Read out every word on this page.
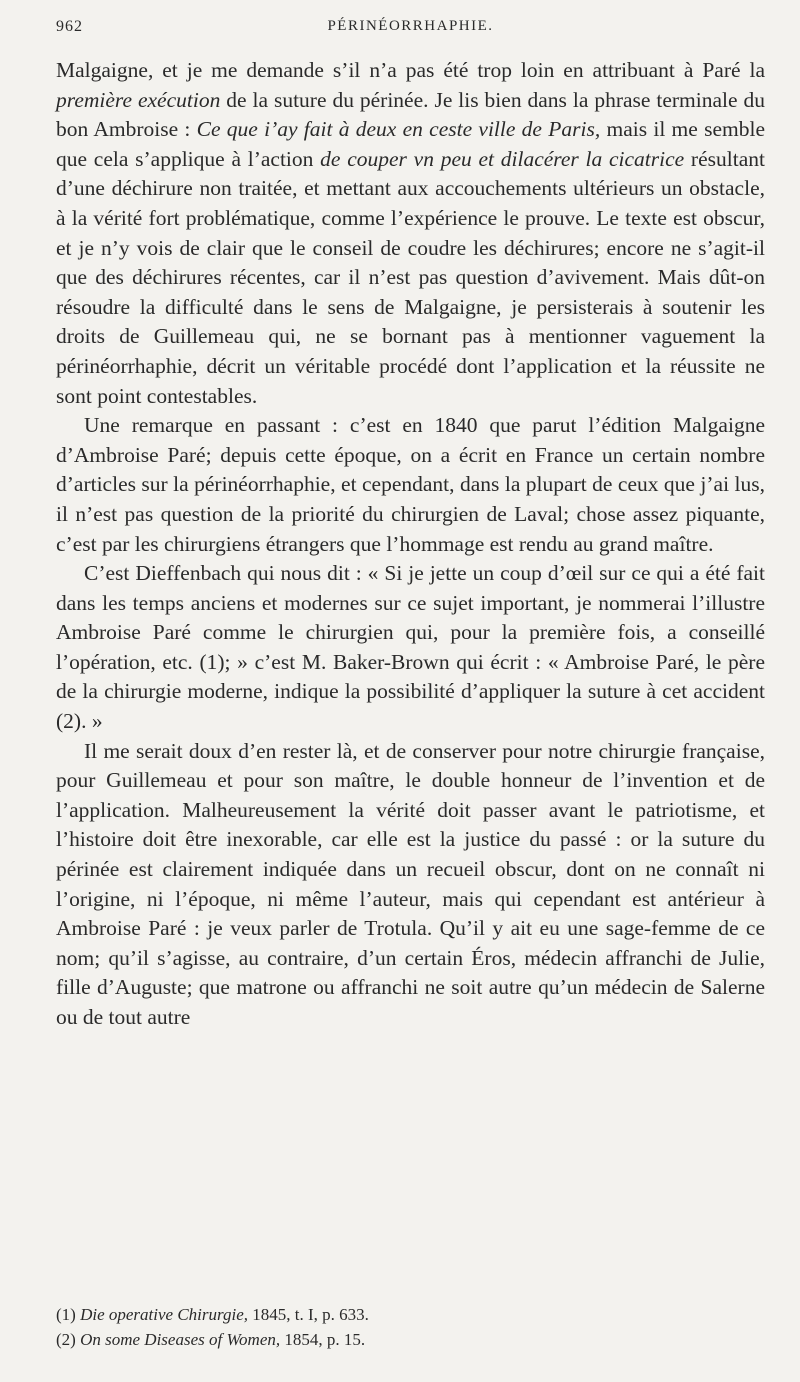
962	PÉRINÉORRHAPHIE.

Malgaigne, et je me demande s’il n’a pas été trop loin en attribuant à Paré la première exécution de la suture du périnée. Je lis bien dans la phrase terminale du bon Ambroise : Ce que i’ay fait à deux en ceste ville de Paris, mais il me semble que cela s’applique à l’action de couper vn peu et dilacérer la cicatrice résultant d’une déchirure non traitée, et mettant aux accouchements ultérieurs un obstacle, à la vérité fort problématique, comme l’expérience le prouve. Le texte est obscur, et je n’y vois de clair que le conseil de coudre les déchirures; encore ne s’agit-il que des déchirures récentes, car il n’est pas question d’avivement. Mais dût-on résoudre la difficulté dans le sens de Malgaigne, je persisterais à soutenir les droits de Guillemeau qui, ne se bornant pas à mentionner vaguement la périnéorrhaphie, décrit un véritable procédé dont l’application et la réussite ne sont point contestables.

Une remarque en passant : c’est en 1840 que parut l’édition Malgaigne d’Ambroise Paré; depuis cette époque, on a écrit en France un certain nombre d’articles sur la périnéorrhaphie, et cependant, dans la plupart de ceux que j’ai lus, il n’est pas question de la priorité du chirurgien de Laval; chose assez piquante, c’est par les chirurgiens étrangers que l’hommage est rendu au grand maître.

C’est Dieffenbach qui nous dit : « Si je jette un coup d’œil sur ce qui a été fait dans les temps anciens et modernes sur ce sujet important, je nommerai l’illustre Ambroise Paré comme le chirurgien qui, pour la première fois, a conseillé l’opération, etc. (1); » c’est M. Baker-Brown qui écrit : « Ambroise Paré, le père de la chirurgie moderne, indique la possibilité d’appliquer la suture à cet accident (2). »

Il me serait doux d’en rester là, et de conserver pour notre chirurgie française, pour Guillemeau et pour son maître, le double honneur de l’invention et de l’application. Malheureusement la vérité doit passer avant le patriotisme, et l’histoire doit être inexorable, car elle est la justice du passé : or la suture du périnée est clairement indiquée dans un recueil obscur, dont on ne connaît ni l’origine, ni l’époque, ni même l’auteur, mais qui cependant est antérieur à Ambroise Paré : je veux parler de Trotula. Qu’il y ait eu une sage-femme de ce nom; qu’il s’agisse, au contraire, d’un certain Éros, médecin affranchi de Julie, fille d’Auguste; que matrone ou affranchi ne soit autre qu’un médecin de Salerne ou de tout autre

(1) Die operative Chirurgie, 1845, t. I, p. 633.

(2) On some Diseases of Women, 1854, p. 15.
